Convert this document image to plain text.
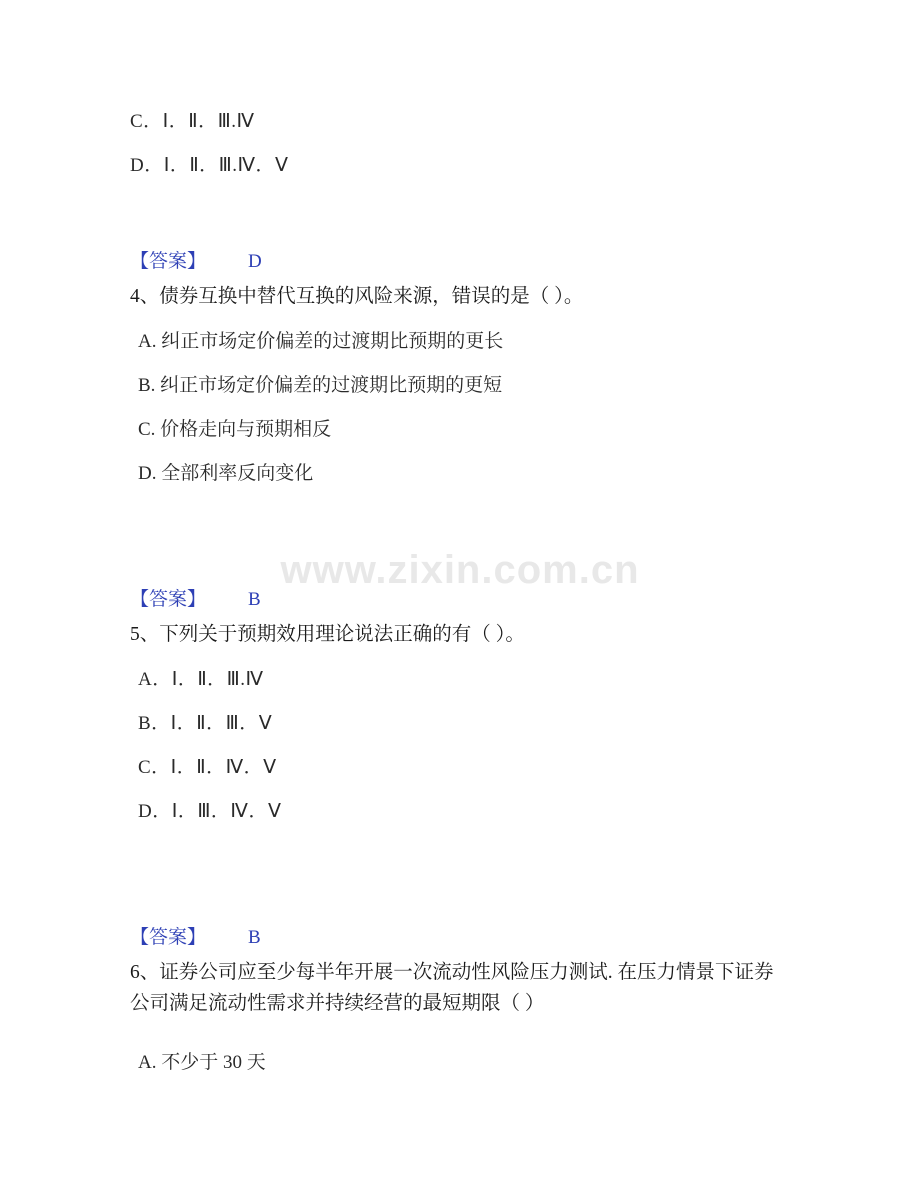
www.zixin.com.cn
C．Ⅰ．Ⅱ．Ⅲ.Ⅳ
D．Ⅰ．Ⅱ．Ⅲ.Ⅳ．Ⅴ
【答案】 D
4、债券互换中替代互换的风险来源，错误的是（ ）。
A. 纠正市场定价偏差的过渡期比预期的更长
B. 纠正市场定价偏差的过渡期比预期的更短
C. 价格走向与预期相反
D. 全部利率反向变化
【答案】 B
5、下列关于预期效用理论说法正确的有（ ）。
A．Ⅰ．Ⅱ．Ⅲ.Ⅳ
B．Ⅰ．Ⅱ．Ⅲ．Ⅴ
C．Ⅰ．Ⅱ．Ⅳ．Ⅴ
D．Ⅰ．Ⅲ．Ⅳ．Ⅴ
【答案】 B
6、证券公司应至少每半年开展一次流动性风险压力测试. 在压力情景下证券公司满足流动性需求并持续经营的最短期限（ ）
A. 不少于 30 天
